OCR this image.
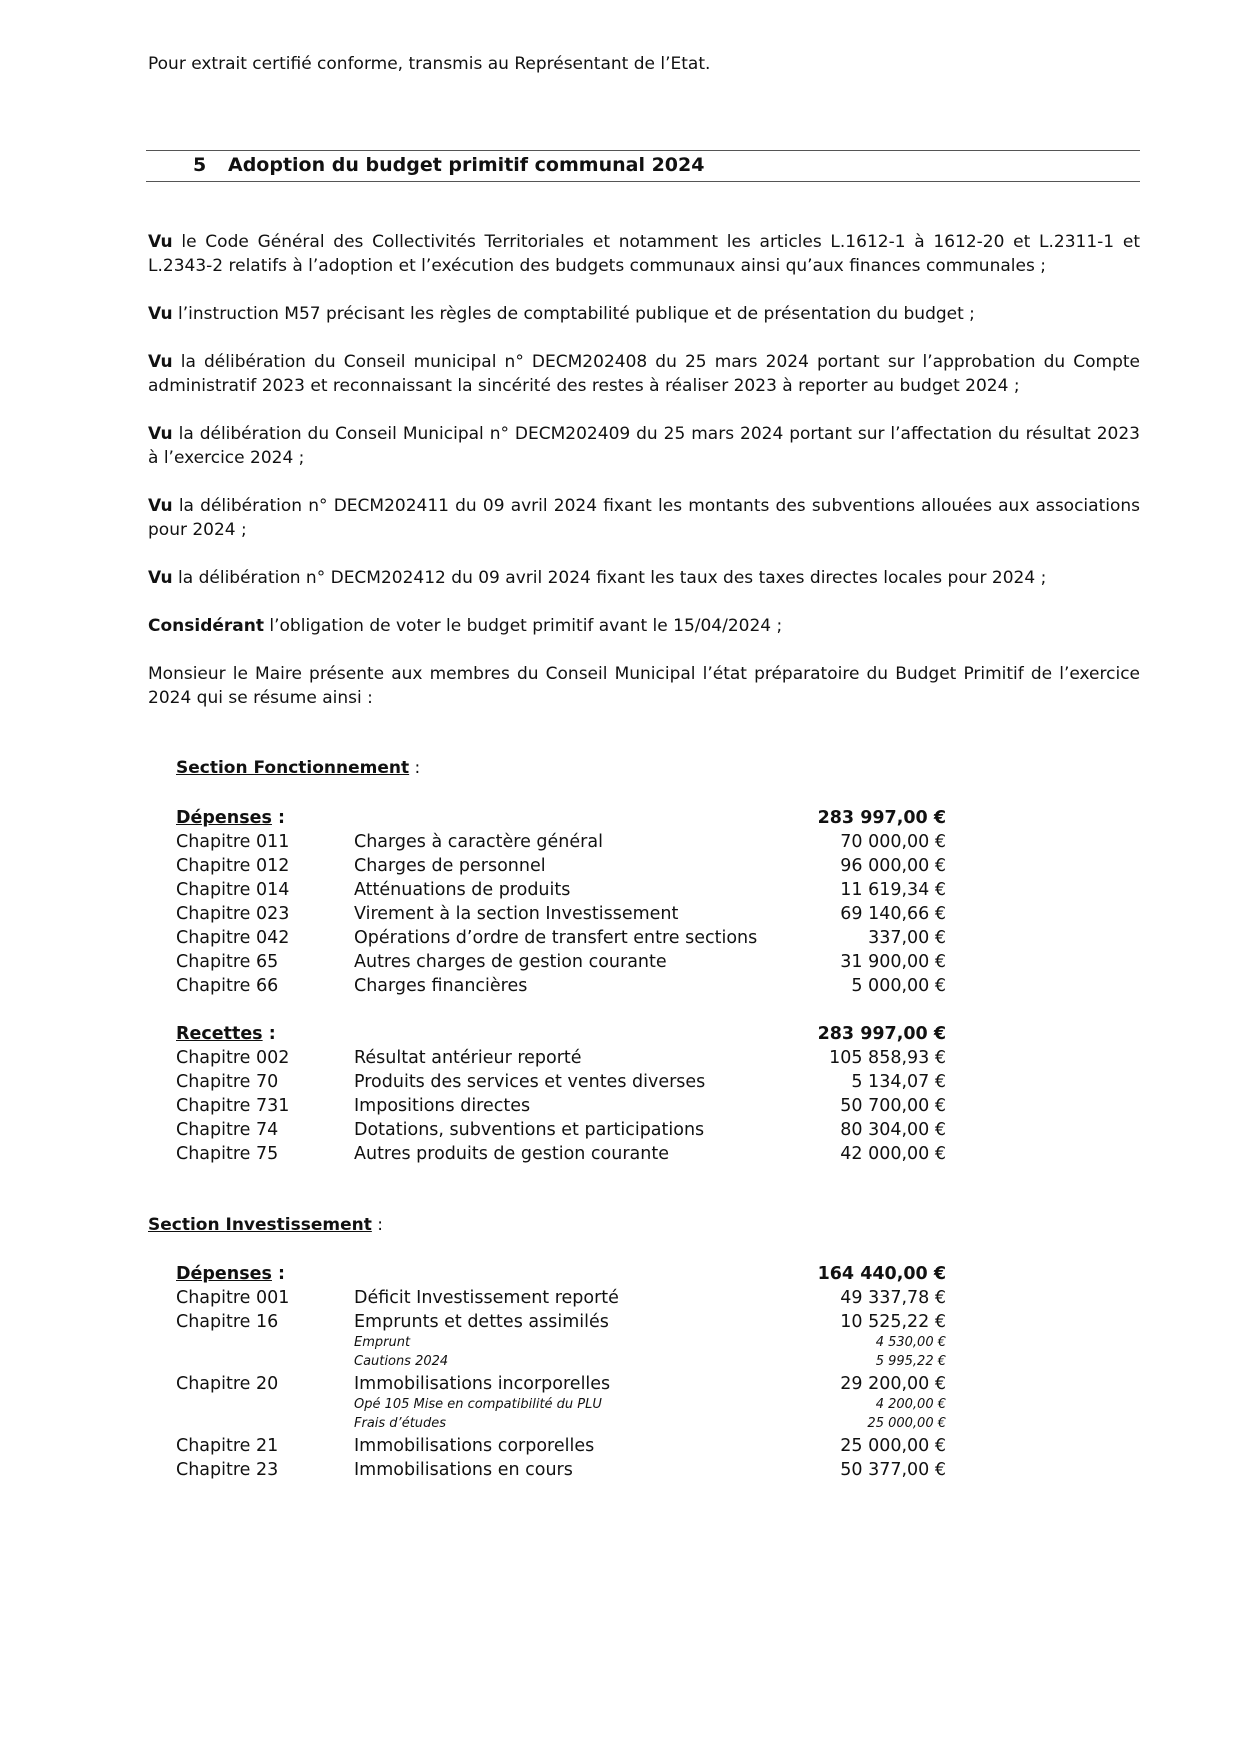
Pour extrait certifié conforme, transmis au Représentant de l’Etat.
5 Adoption du budget primitif communal 2024

Vu le Code Général des Collectivités Territoriales et notamment les articles L.1612-1 à 1612-20 et L.2311-1 et L.2343-2 relatifs à l’adoption et l’exécution des budgets communaux ainsi qu’aux finances communales ;

Vu l’instruction M57 précisant les règles de comptabilité publique et de présentation du budget ;

Vu la délibération du Conseil municipal n° DECM202408 du 25 mars 2024 portant sur l’approbation du Compte administratif 2023 et reconnaissant la sincérité des restes à réaliser 2023 à reporter au budget 2024 ;

Vu la délibération du Conseil Municipal n° DECM202409 du 25 mars 2024 portant sur l’affectation du résultat 2023 à l’exercice 2024 ;

Vu la délibération n° DECM202411 du 09 avril 2024 fixant les montants des subventions allouées aux associations pour 2024 ;

Vu la délibération n° DECM202412 du 09 avril 2024 fixant les taux des taxes directes locales pour 2024 ;

Considérant l’obligation de voter le budget primitif avant le 15/04/2024 ;

Monsieur le Maire présente aux membres du Conseil Municipal l’état préparatoire du Budget Primitif de l’exercice 2024 qui se résume ainsi :

Section Fonctionnement :
Dépenses :	283 997,00 €
Chapitre 011	Charges à caractère général	70 000,00 €
Chapitre 012	Charges de personnel	96 000,00 €
Chapitre 014	Atténuations de produits	11 619,34 €
Chapitre 023	Virement à la section Investissement	69 140,66 €
Chapitre 042	Opérations d’ordre de transfert entre sections	337,00 €
Chapitre 65	Autres charges de gestion courante	31 900,00 €
Chapitre 66	Charges financières	5 000,00 €
Recettes :	283 997,00 €
Chapitre 002	Résultat antérieur reporté	105 858,93 €
Chapitre 70	Produits des services et ventes diverses	5 134,07 €
Chapitre 731	Impositions directes	50 700,00 €
Chapitre 74	Dotations, subventions et participations	80 304,00 €
Chapitre 75	Autres produits de gestion courante	42 000,00 €
Section Investissement :
Dépenses :	164 440,00 €
Chapitre 001	Déficit Investissement reporté	49 337,78 €
Chapitre 16	Emprunts et dettes assimilés	10 525,22 €
Emprunt	4 530,00 €
Cautions 2024	5 995,22 €
Chapitre 20	Immobilisations incorporelles	29 200,00 €
Opé 105 Mise en compatibilité du PLU	4 200,00 €
Frais d’études	25 000,00 €
Chapitre 21	Immobilisations corporelles	25 000,00 €
Chapitre 23	Immobilisations en cours	50 377,00 €
